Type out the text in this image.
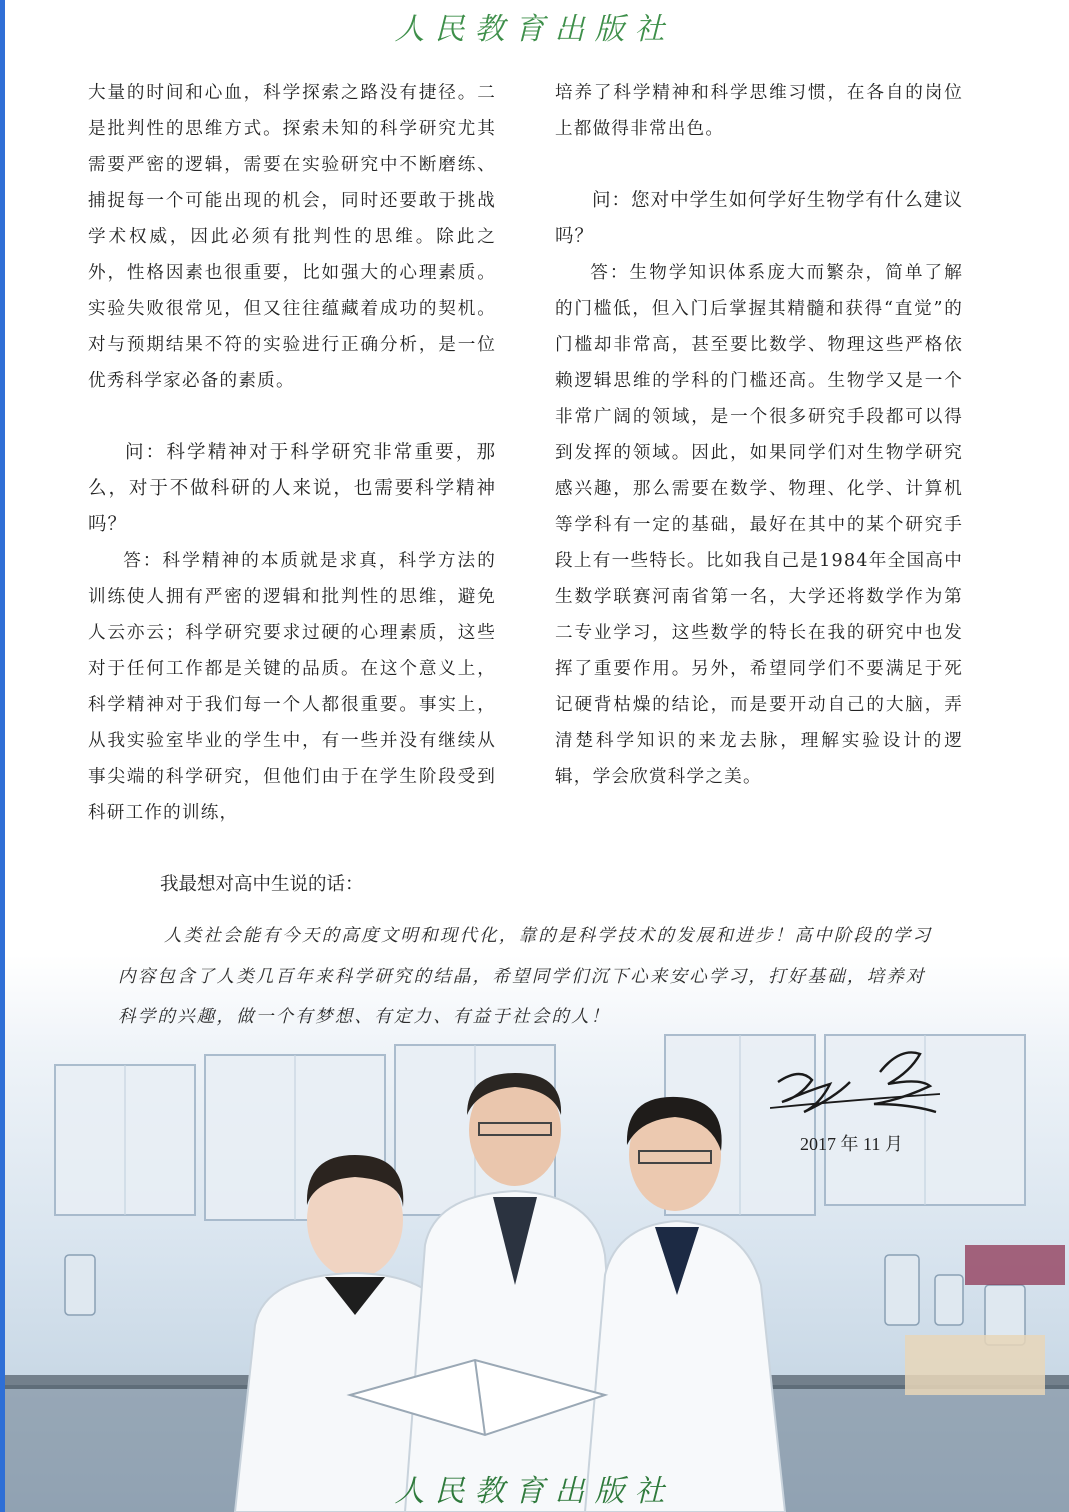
人民教育出版社

大量的时间和心血，科学探索之路没有捷径。二是批判性的思维方式。探索未知的科学研究尤其需要严密的逻辑，需要在实验研究中不断磨练、捕捉每一个可能出现的机会，同时还要敢于挑战学术权威，因此必须有批判性的思维。除此之外，性格因素也很重要，比如强大的心理素质。实验失败很常见，但又往往蕴藏着成功的契机。对与预期结果不符的实验进行正确分析，是一位优秀科学家必备的素质。

问：科学精神对于科学研究非常重要，那么，对于不做科研的人来说，也需要科学精神吗？

答：科学精神的本质就是求真，科学方法的训练使人拥有严密的逻辑和批判性的思维，避免人云亦云；科学研究要求过硬的心理素质，这些对于任何工作都是关键的品质。在这个意义上，科学精神对于我们每一个人都很重要。事实上，从我实验室毕业的学生中，有一些并没有继续从事尖端的科学研究，但他们由于在学生阶段受到科研工作的训练，

培养了科学精神和科学思维习惯，在各自的岗位上都做得非常出色。

问：您对中学生如何学好生物学有什么建议吗？

答：生物学知识体系庞大而繁杂，简单了解的门槛低，但入门后掌握其精髓和获得“直觉”的门槛却非常高，甚至要比数学、物理这些严格依赖逻辑思维的学科的门槛还高。生物学又是一个非常广阔的领域，是一个很多研究手段都可以得到发挥的领域。因此，如果同学们对生物学研究感兴趣，那么需要在数学、物理、化学、计算机等学科有一定的基础，最好在其中的某个研究手段上有一些特长。比如我自己是1984年全国高中生数学联赛河南省第一名，大学还将数学作为第二专业学习，这些数学的特长在我的研究中也发挥了重要作用。另外，希望同学们不要满足于死记硬背枯燥的结论，而是要开动自己的大脑，弄清楚科学知识的来龙去脉，理解实验设计的逻辑，学会欣赏科学之美。

我最想对高中生说的话：
人类社会能有今天的高度文明和现代化，靠的是科学技术的发展和进步！高中阶段的学习内容包含了人类几百年来科学研究的结晶，希望同学们沉下心来安心学习，打好基础，培养对科学的兴趣，做一个有梦想、有定力、有益于社会的人！
2017 年 11 月
人民教育出版社
